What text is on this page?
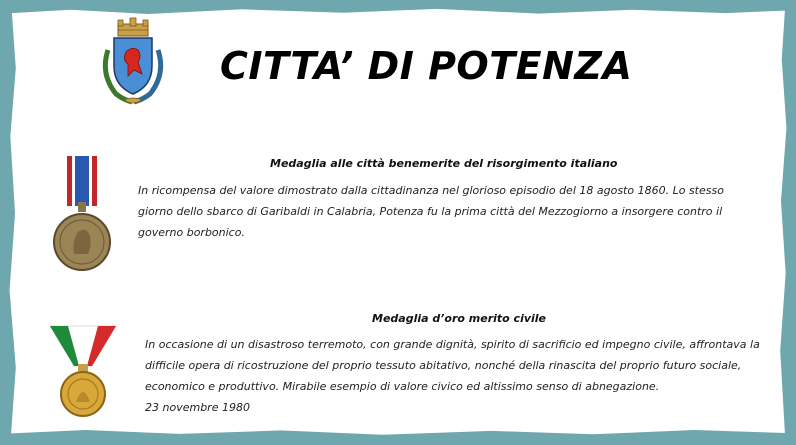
CITTA’ DI POTENZA
Medaglia alle città benemerite del risorgimento italiano
In ricompensa del valore dimostrato dalla cittadinanza nel glorioso episodio del 18 agosto 1860. Lo stesso
giorno dello sbarco di Garibaldi in Calabria, Potenza fu la prima città del Mezzogiorno a insorgere contro il
governo borbonico.
Medaglia d’oro merito civile
In occasione di un disastroso terremoto, con grande dignità, spirito di sacrificio ed impegno civile, affrontava la
difficile opera di ricostruzione del proprio tessuto abitativo, nonché della rinascita del proprio futuro sociale,
economico e produttivo. Mirabile esempio di valore civico ed altissimo senso di abnegazione.
23 novembre 1980
